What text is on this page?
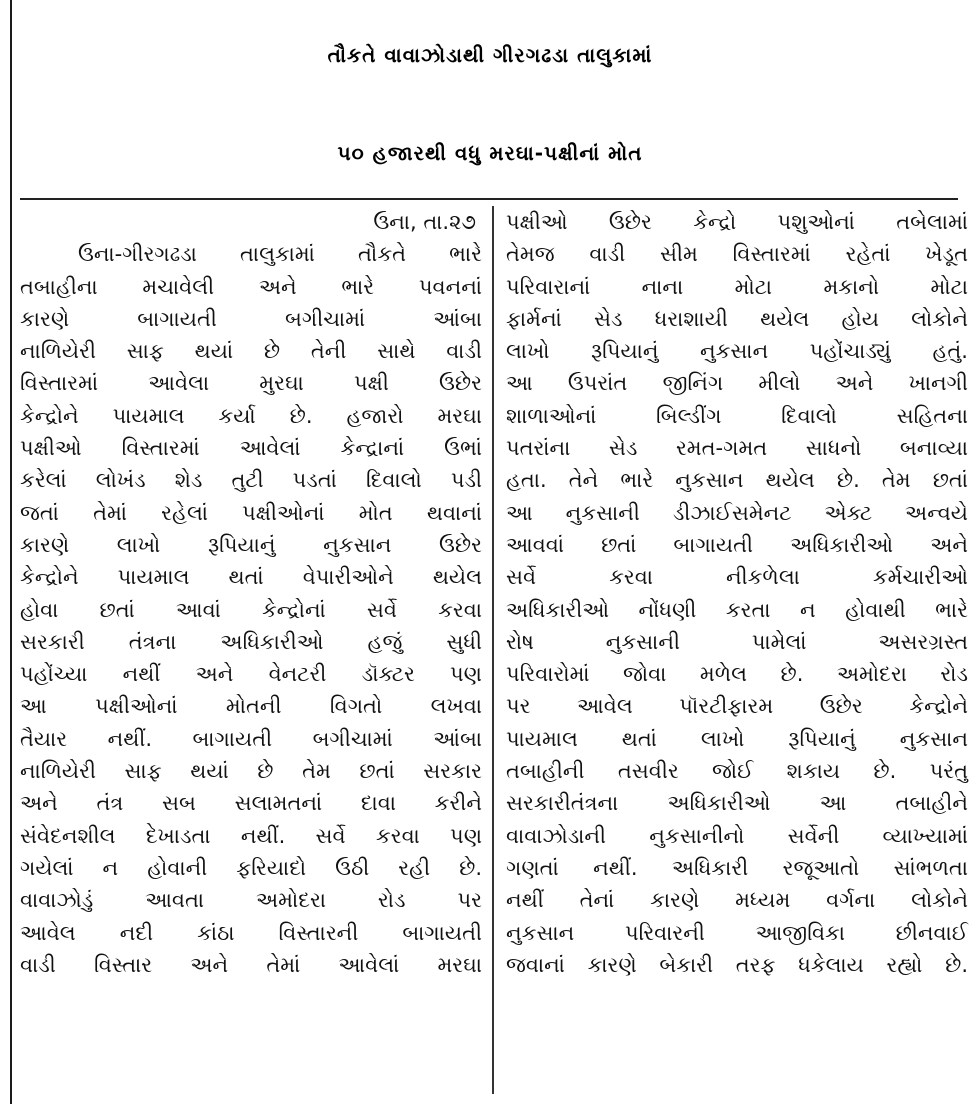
તૌકતે વાવાઝોડાથી ગીરગઢડા તાલુકામાં
૫૦ હજારથી વધુ મરઘા-પક્ષીનાં મોત
ઉના, તા.૨૭
ઉના-ગીરગઢડા તાલુકામાં તૌકતે ભારે
તબાહીના મચાવેલી અને ભારે પવનનાં
કારણે બાગાયતી બગીચામાં આંબા
નાળિયેરી સાફ થયાં છે તેની સાથે વાડી
વિસ્તારમાં આવેલા મુરઘા પક્ષી ઉછેર
કેન્દ્રોને પાયમાલ કર્યા છે. હજારો મરઘા
પક્ષીઓ વિસ્તારમાં આવેલાં કેન્દ્રાનાં ઉભાં
કરેલાં લોખંડ શેડ તુટી પડતાં દિવાલો પડી
જતાં તેમાં રહેલાં પક્ષીઓનાં મોત થવાનાં
કારણે લાખો રૂપિયાનું નુકસાન ઉછેર
કેન્દ્રોને પાયમાલ થતાં વેપારીઓને થયેલ
હોવા છતાં આવાં કેન્દ્રોનાં સર્વે કરવા
સરકારી તંત્રના અધિકારીઓ હજું સુધી
પહોંચ્યા નથીં અને વેનટરી ડૉક્ટર પણ
આ પક્ષીઓનાં મોતની વિગતો લખવા
તૈયાર નથીં. બાગાયતી બગીચામાં આંબા
નાળિયેરી સાફ થયાં છે તેમ છતાં સરકાર
અને તંત્ર સબ સલામતનાં દાવા કરીને
સંવેદનશીલ દેખાડતા નથીં. સર્વે કરવા પણ
ગયેલાં ન હોવાની ફરિયાદો ઉઠી રહી છે.
વાવાઝોડું આવતા અમોદરા રોડ પર
આવેલ નદી કાંઠા વિસ્તારની બાગાયતી
વાડી વિસ્તાર અને તેમાં આવેલાં મરઘા
પક્ષીઓ ઉછેર કેન્દ્રો પશુઓનાં તબેલામાં
તેમજ વાડી સીમ વિસ્તારમાં રહેતાં ખેડૂત
પરિવારાનાં નાના મોટા મકાનો મોટા
ફાર્મનાં સેડ ધરાશાયી થયેલ હોય લોકોને
લાખો રૂપિયાનું નુકસાન પહોંચાડ્યું હતું.
આ ઉપરાંત જીનિંગ મીલો અને ખાનગી
શાળાઓનાં બિલ્ડીંગ દિવાલો સહિતના
પતરાંના સેડ રમત-ગમત સાધનો બનાવ્યા
હતા. તેને ભારે નુકસાન થયેલ છે. તેમ છતાં
આ નુકસાની ડીઝાઈસમેનટ એક્ટ અન્વયે
આવવાં છતાં બાગાયતી અધિકારીઓ અને
સર્વે કરવા નીકળેલા કર્મચારીઓ
અધિકારીઓ નોંધણી કરતા ન હોવાથી ભારે
રોષ નુકસાની પામેલાં અસરગ્રસ્ત
પરિવારોમાં જોવા મળેલ છે. અમોદરા રોડ
પર આવેલ પૉરટીફારમ ઉછેર કેન્દ્રોને
પાયમાલ થતાં લાખો રૂપિયાનું નુકસાન
તબાહીની તસવીર જોઈ શકાય છે. પરંતુ
સરકારીતંત્રના અધિકારીઓ આ તબાહીને
વાવાઝોડાની નુકસાનીનો સર્વેની વ્યાખ્યામાં
ગણતાં નથીં. અધિકારી રજૂઆતો સાંભળતા
નથીં તેનાં કારણે મધ્યમ વર્ગના લોકોને
નુકસાન પરિવારની આજીવિકા છીનવાઈ
જવાનાં કારણે બેકારી તરફ ધકેલાય રહ્યો છે.
